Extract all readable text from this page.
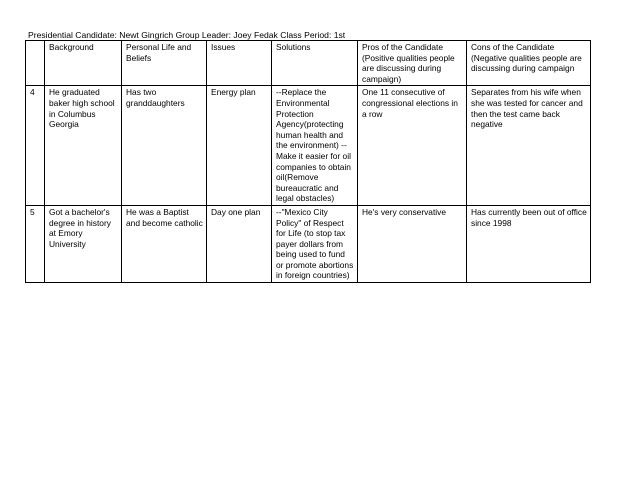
Presidential Candidate: Newt Gingrich Group Leader: Joey Fedak Class Period: 1st
	Background	Personal Life and Beliefs	Issues	Solutions	Pros of the Candidate (Positive qualities people are discussing during campaign)	Cons of the Candidate (Negative qualities people are discussing during campaign
4	He graduated baker high school in Columbus Georgia	Has two granddaughters	Energy plan	--Replace the Environmental Protection Agency(protecting human health and the environment) --Make it easier for oil companies to obtain oil(Remove bureaucratic and legal obstacles)	One 11 consecutive of congressional elections in a row	Separates from his wife when she was tested for cancer and then the test came back negative
5	Got a bachelor's degree in history at Emory University	He was a Baptist and become catholic	Day one plan	--"Mexico City Policy" of Respect for Life (to stop tax payer dollars from being used to fund or promote abortions in foreign countries)	He's very conservative	Has currently been out of office since 1998
